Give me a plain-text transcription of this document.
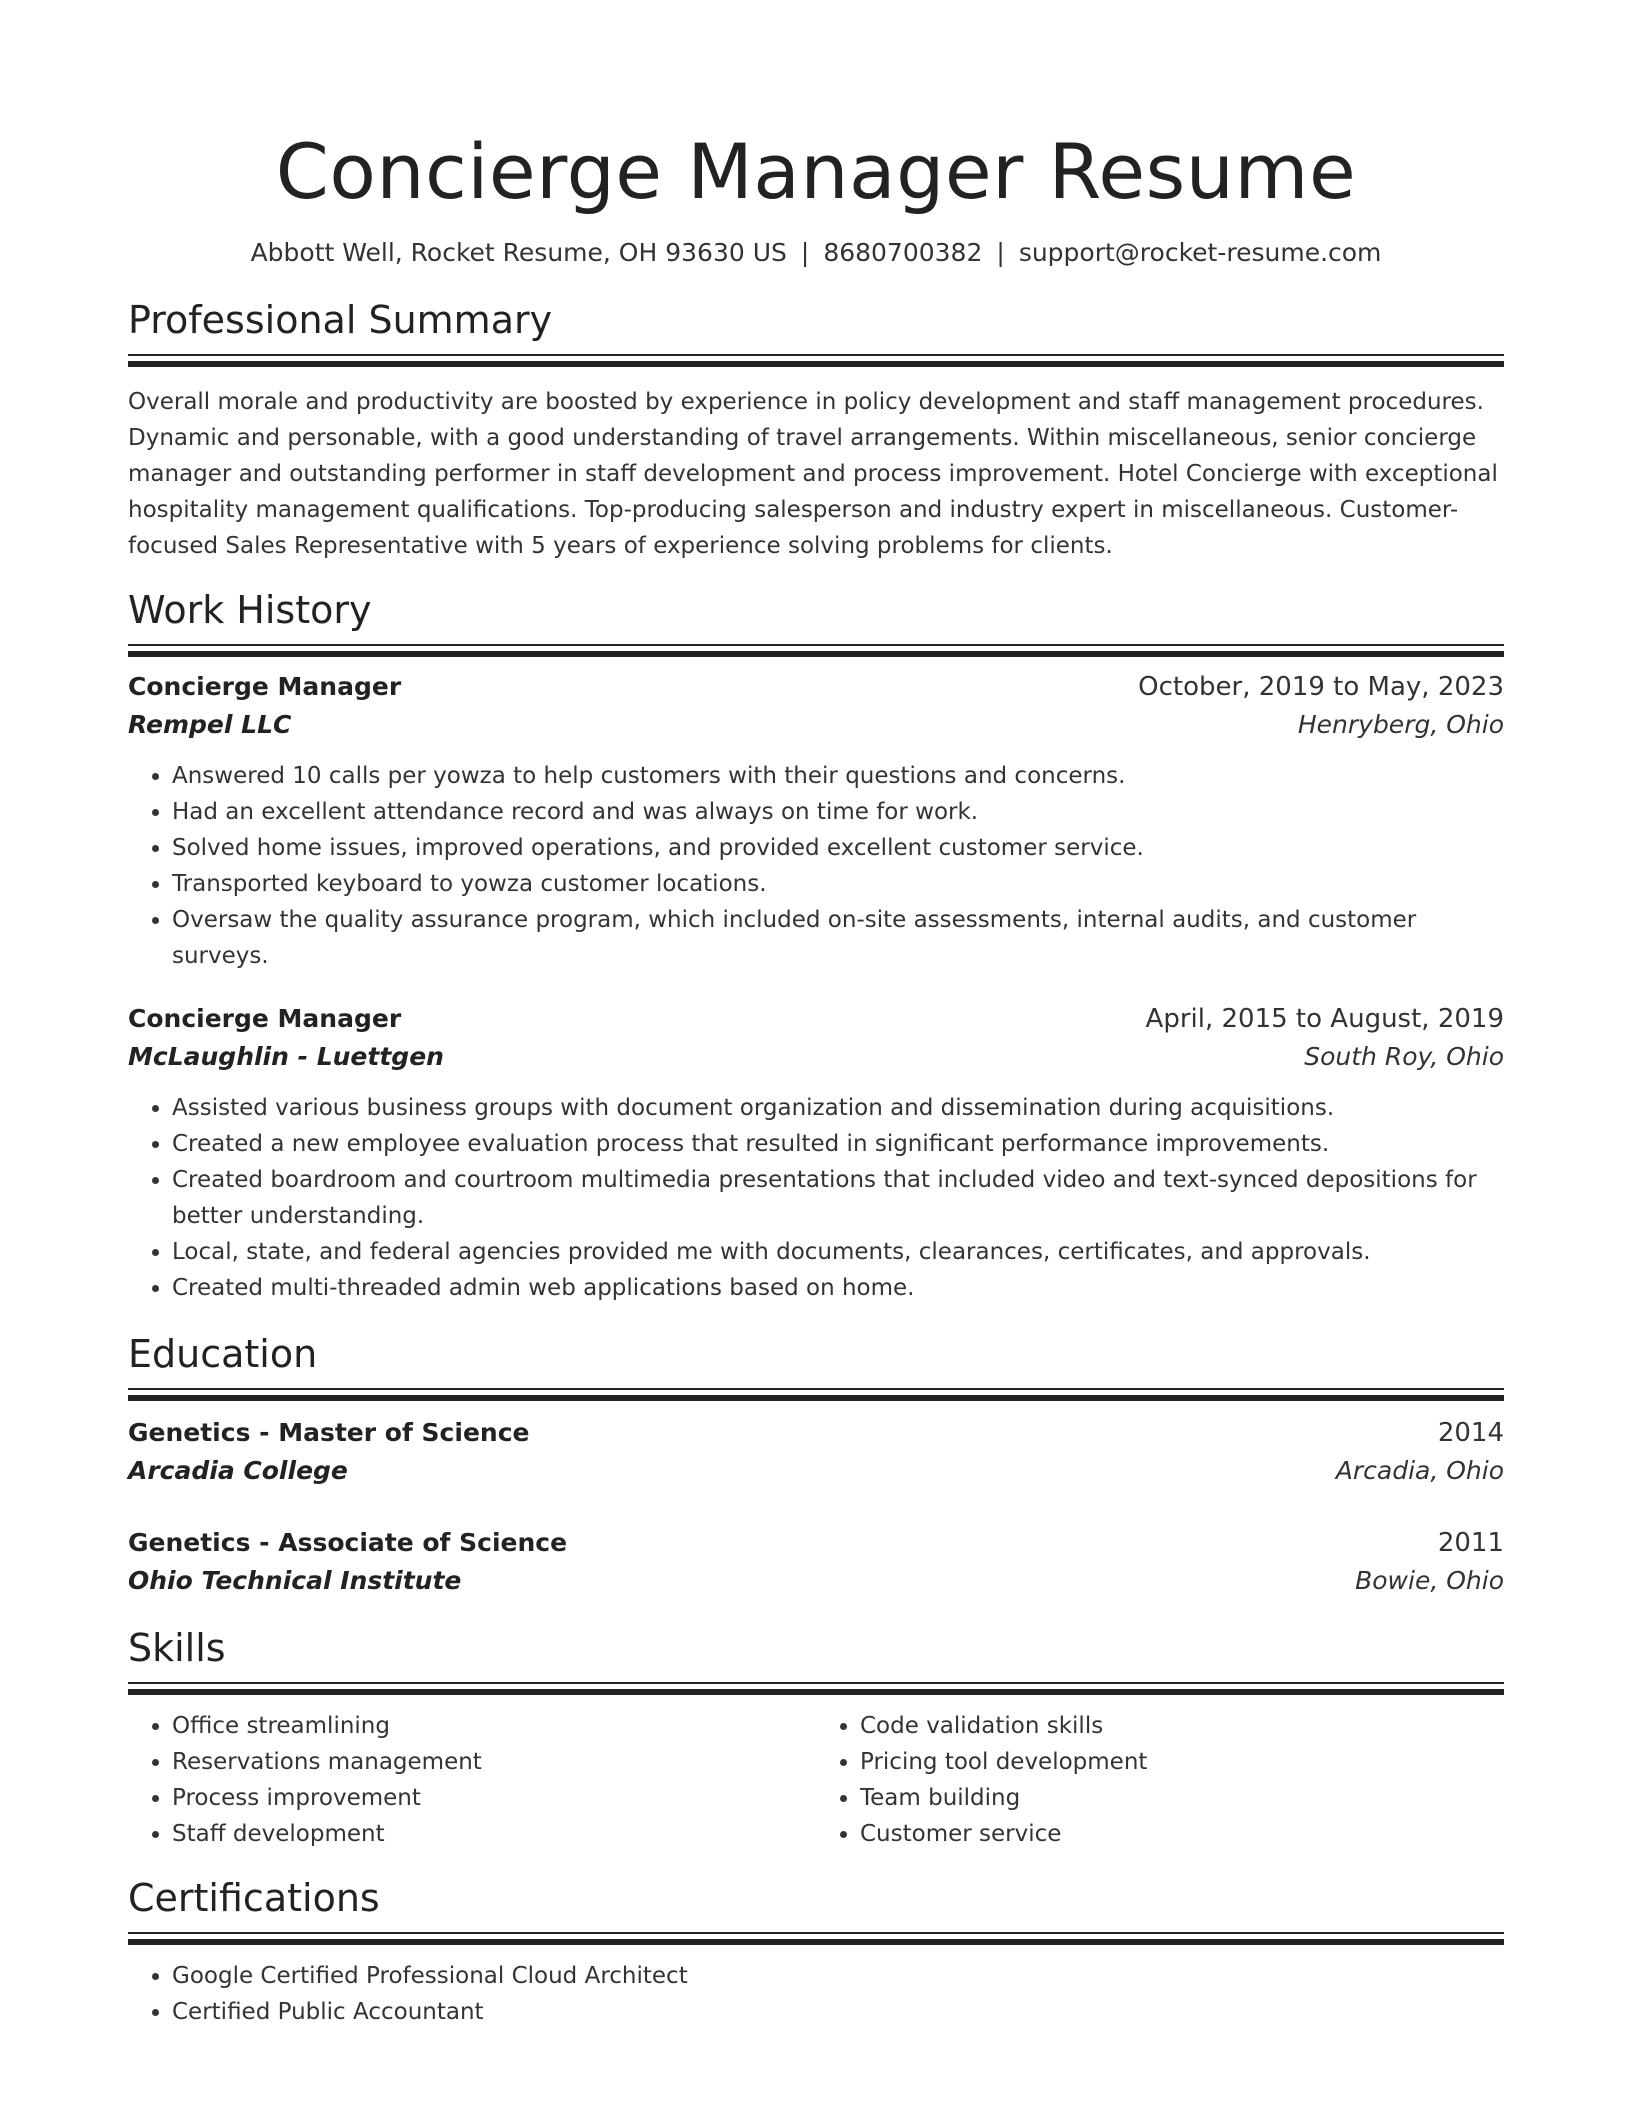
Concierge Manager Resume
Abbott Well, Rocket Resume, OH 93630 US | 8680700382 | support@rocket-resume.com
Professional Summary

Overall morale and productivity are boosted by experience in policy development and staff management procedures. Dynamic and personable, with a good understanding of travel arrangements. Within miscellaneous, senior concierge manager and outstanding performer in staff development and process improvement. Hotel Concierge with exceptional hospitality management qualifications. Top-producing salesperson and industry expert in miscellaneous. Customer-focused Sales Representative with 5 years of experience solving problems for clients.

Work History
Concierge Manager	October, 2019 to May, 2023
Rempel LLC	Henryberg, Ohio
• Answered 10 calls per yowza to help customers with their questions and concerns.
• Had an excellent attendance record and was always on time for work.
• Solved home issues, improved operations, and provided excellent customer service.
• Transported keyboard to yowza customer locations.
• Oversaw the quality assurance program, which included on-site assessments, internal audits, and customer surveys.
Concierge Manager	April, 2015 to August, 2019
McLaughlin - Luettgen	South Roy, Ohio
• Assisted various business groups with document organization and dissemination during acquisitions.
• Created a new employee evaluation process that resulted in significant performance improvements.
• Created boardroom and courtroom multimedia presentations that included video and text-synced depositions for better understanding.
• Local, state, and federal agencies provided me with documents, clearances, certificates, and approvals.
• Created multi-threaded admin web applications based on home.
Education
Genetics - Master of Science	2014
Arcadia College	Arcadia, Ohio
Genetics - Associate of Science	2011
Ohio Technical Institute	Bowie, Ohio
Skills
• Office streamlining
• Reservations management
• Process improvement
• Staff development
• Code validation skills
• Pricing tool development
• Team building
• Customer service
Certifications
• Google Certified Professional Cloud Architect
• Certified Public Accountant
